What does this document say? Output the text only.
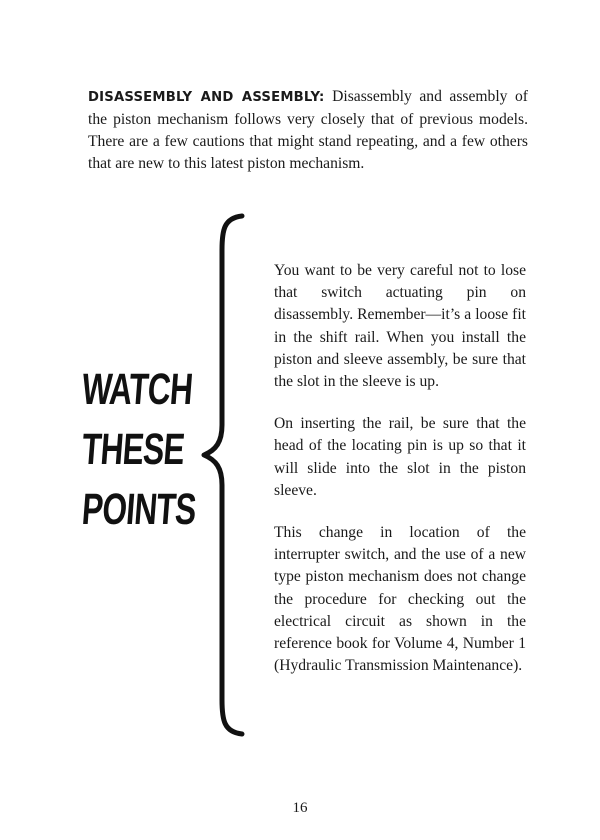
DISASSEMBLY AND ASSEMBLY: Disassembly and assembly of the piston mechanism follows very closely that of previous models. There are a few cautions that might stand repeating, and a few others that are new to this latest piston mechanism.
WATCH
THESE
POINTS

You want to be very careful not to lose that switch actuating pin on disassembly. Remember—it’s a loose fit in the shift rail. When you install the piston and sleeve assembly, be sure that the slot in the sleeve is up.

On inserting the rail, be sure that the head of the locating pin is up so that it will slide into the slot in the piston sleeve.

This change in location of the interrupter switch, and the use of a new type piston mechanism does not change the procedure for checking out the electrical circuit as shown in the reference book for Volume 4, Number 1 (Hydraulic Transmission Maintenance).

16
